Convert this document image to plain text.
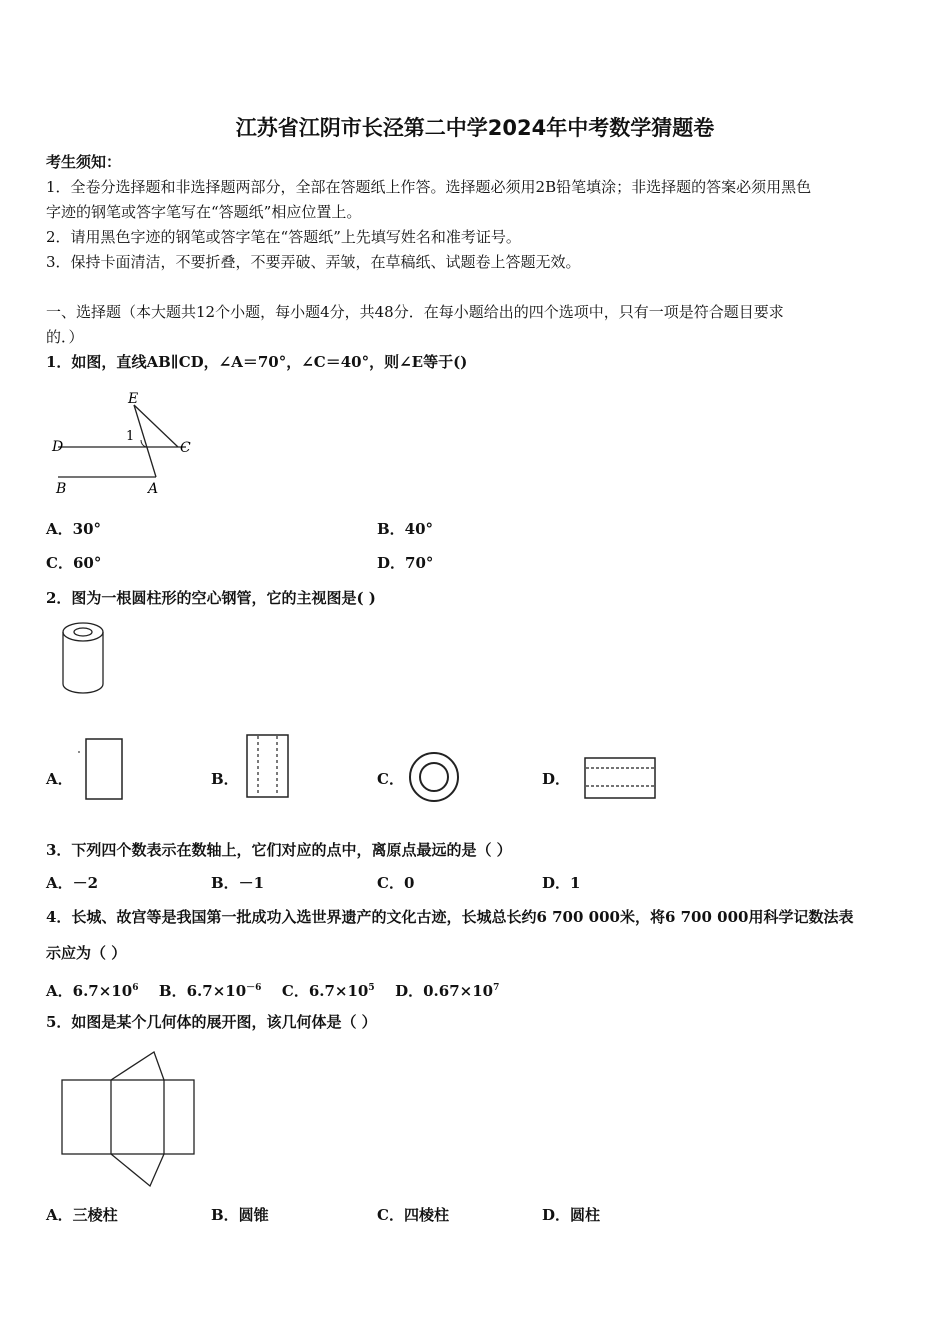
江苏省江阴市长泾第二中学2024年中考数学猜题卷
考生须知：
1．全卷分选择题和非选择题两部分，全部在答题纸上作答。选择题必须用2B铅笔填涂；非选择题的答案必须用黑色
字迹的钢笔或答字笔写在“答题纸”相应位置上。
2．请用黑色字迹的钢笔或答字笔在“答题纸”上先填写姓名和准考证号。
3．保持卡面清洁，不要折叠，不要弄破、弄皱，在草稿纸、试题卷上答题无效。
一、选择题（本大题共12个小题，每小题4分，共48分．在每小题给出的四个选项中，只有一项是符合题目要求
的．）
1．如图，直线AB∥CD，∠A＝70°，∠C＝40°，则∠E等于()
E
D	C
B	A
1
A．30°	B．40°
C．60°	D．70°
2．图为一根圆柱形的空心钢管，它的主视图是( )
A．	B．	C．	D．
3．下列四个数表示在数轴上，它们对应的点中，离原点最远的是（ ）
A．－2	B．－1	C．0	D．1
4．长城、故宫等是我国第一批成功入选世界遗产的文化古迹，长城总长约6 700 000米，将6 700 000用科学记数法表
示应为（ ）
A．$6.7\times 10^6$ B．$6.7\times 10^{-6}$ C．$6.7\times 10^5$ D．$0.67\times 10^7$
5．如图是某个几何体的展开图，该几何体是（ ）
A．三棱柱	B．圆锥	C．四棱柱	D．圆柱
